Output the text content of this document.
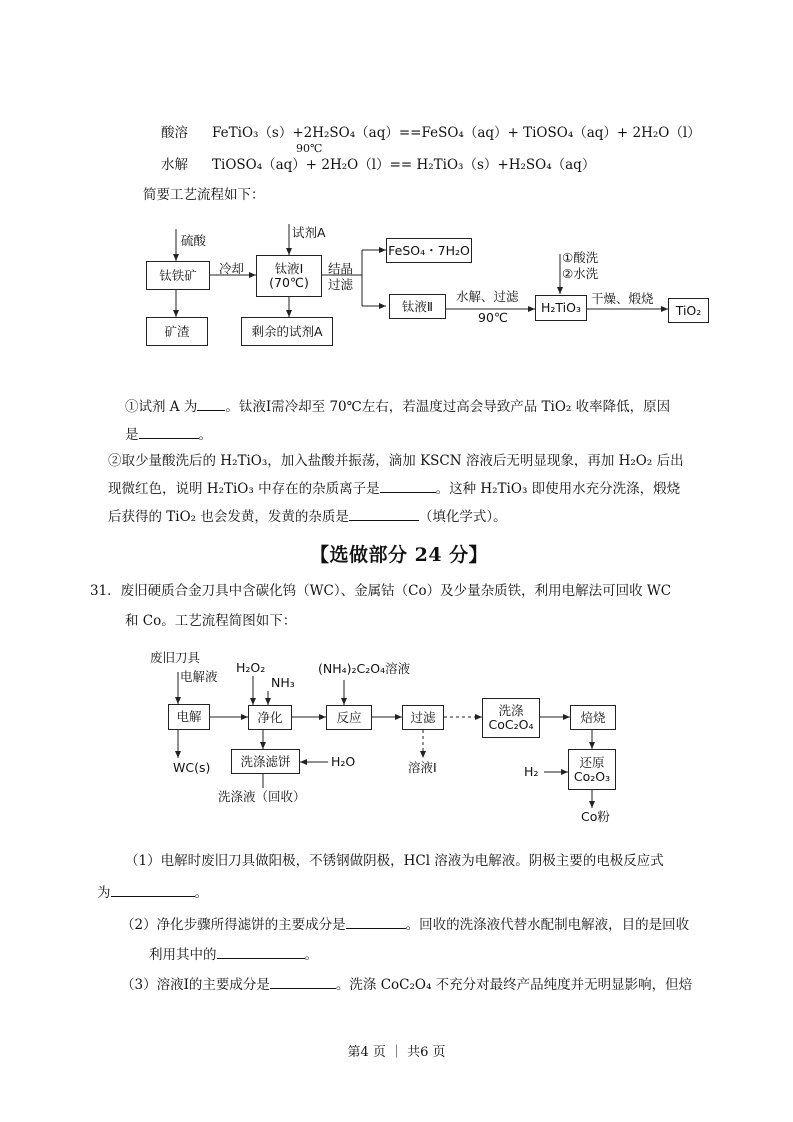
酸溶 FeTiO₃（s）+2H₂SO₄（aq）==FeSO₄（aq）+ TiOSO₄（aq）+ 2H₂O（l）
90℃
水解 TiOSO₄（aq）+ 2H₂O（l）== H₂TiO₃（s）+H₂SO₄（aq）
简要工艺流程如下：
硫酸
钛铁矿	冷却
试剂A
钛液Ⅰ
(70℃)
结晶
过滤
FeSO₄・7H₂O
钛液Ⅱ
水解、过滤
90℃
①酸洗
②水洗
H₂TiO₃
干燥、煅烧
TiO₂
矿渣	剩余的试剂A
①试剂 A 为 。钛液Ⅰ需冷却至 70℃左右，若温度过高会导致产品 TiO₂ 收率降低，原因
是	。
②取少量酸洗后的 H₂TiO₃，加入盐酸并振荡，滴加 KSCN 溶液后无明显现象，再加 H₂O₂ 后出
现微红色，说明 H₂TiO₃ 中存在的杂质离子是	。这种 H₂TiO₃ 即使用水充分洗涤，煅烧
后获得的 TiO₂ 也会发黄，发黄的杂质是	（填化学式）。
【选做部分 24 分】
31．废旧硬质合金刀具中含碳化钨（WC）、金属钴（Co）及少量杂质铁，利用电解法可回收 WC
和 Co。工艺流程简图如下：
废旧刀具
电解液
电解
H₂O₂
NH₃
净化
(NH₄)₂C₂O₄溶液
反应	过滤	洗涤
CoC₂O₄	焙烧
WC(s)	洗涤滤饼	H₂O	溶液Ⅰ	H₂
还原
Co₂O₃
洗涤液（回收）
Co粉
（1）电解时废旧刀具做阳极，不锈钢做阴极，HCl 溶液为电解液。阴极主要的电极反应式
为	。
（2）净化步骤所得滤饼的主要成分是	。回收的洗涤液代替水配制电解液，目的是回收
利用其中的	。
（3）溶液Ⅰ的主要成分是	。洗涤 CoC₂O₄ 不充分对最终产品纯度并无明显影响，但焙
第4 页 ｜ 共6 页
